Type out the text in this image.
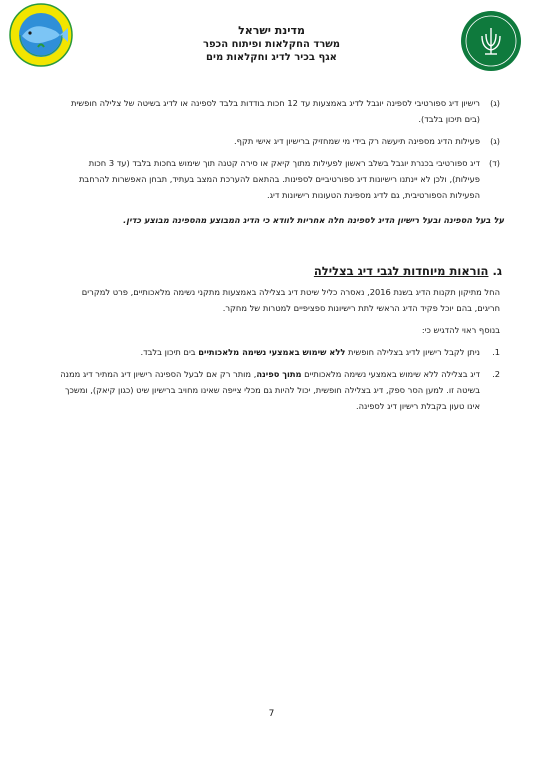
מדינת ישראל
משרד החקלאות ופיתוח הכפר
אגף בכיר לדיג וחקלאות מים
(ג)
רישיון דיג ספורטיבי לספינה יוגבל לדיג באמצעות עד 12 חכות בודדות בלבד לספינה או לדיג בשיטה של צלילה חופשית (בים תיכון בלבד).
(ג)
פעילות הדיג מספינה תיעשה רק בידי מי שמחזיק ברישיון דיג אישי תקף.
(ד)
דיג ספורטיבי בכנרת יוגבל בשלב ראשון לפעילות מתוך קיאק או סירה קטנה תוך שימוש בחכות בלבד (עד 3 חכות פעילות), ולכן לא יינתנו רישיונות דיג ספורטיביים לספינות. בהתאם להערכת המצב בעתיד, תבחן האפשרות להרחבת הפעילות הספורטיבית, גם לדיג מספינת הטעונות רישיונות דיג.
על בעל הספינה ובעל רישיון הדיג לספינה חלה אחריות לוודא כי הדיג המבוצע מהספינה מבוצע כדין.
ג. הוראות מיוחדות לגבי דיג בצלילה
החל מתיקון תקנות הדיג בשנת 2016, נאסרה כליל שיטת דיג בצלילה באמצעות מתקני נשימה מלאכותיים, פרט למקרים חריגים, בהם יוכל פקיד הדיג הראשי לתת רישיונות ספציפיים למטרות של מחקר.
בנוסף ראוי להדגיש כי:
1.
ניתן לקבל רישיון לדיג בצלילה חופשית ללא שימוש באמצעי נשימה מלאכותיים בים תיכון בלבד.
2.
דיג בצלילה ללא שימוש באמצעי נשימה מלאכותיים מתוך ספינה, מותר רק אם לבעל הספינה רישיון דיג המתיר דיג ממנה בשיטה זו. למען הסר ספק, דיג בצלילה חופשית, יכול להיות גם מכלי צייפה שאינו מחויב ברישיון שיט (כגון קיאק), ומשכך אינו טעון בקבלת רישיון דיג לספינה.
7
